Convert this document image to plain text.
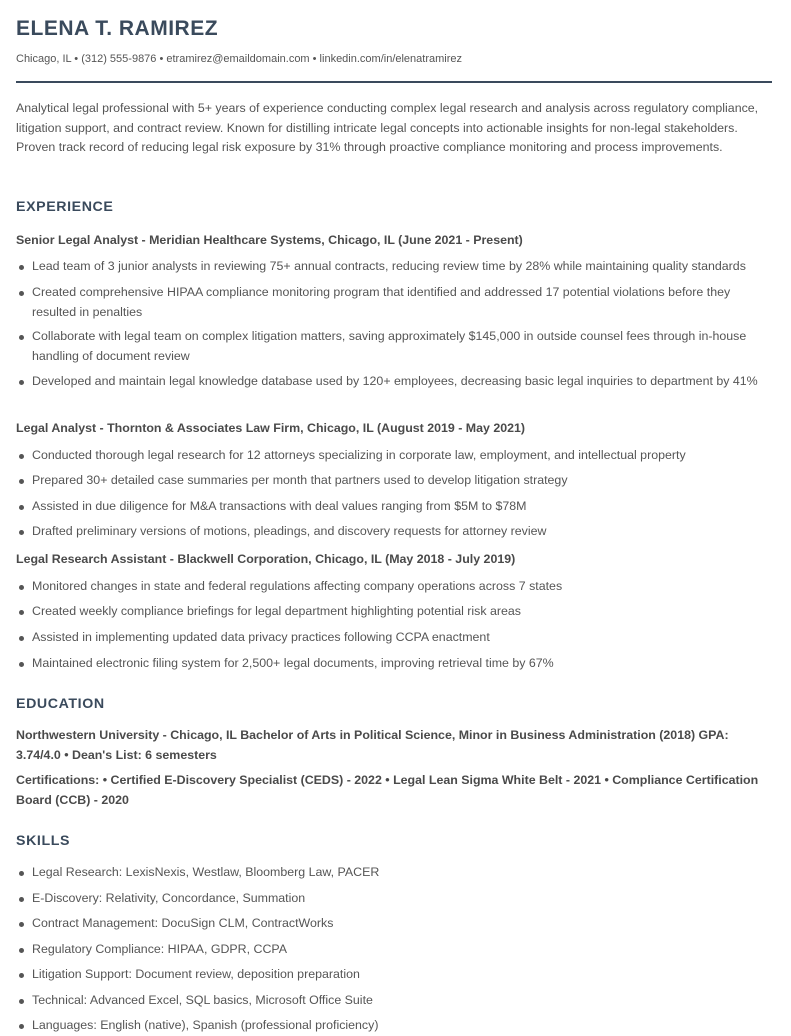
ELENA T. RAMIREZ
Chicago, IL • (312) 555-9876 • etramirez@emaildomain.com • linkedin.com/in/elenatramirez

Analytical legal professional with 5+ years of experience conducting complex legal research and analysis across regulatory compliance, litigation support, and contract review. Known for distilling intricate legal concepts into actionable insights for non-legal stakeholders. Proven track record of reducing legal risk exposure by 31% through proactive compliance monitoring and process improvements.

EXPERIENCE
Senior Legal Analyst - Meridian Healthcare Systems, Chicago, IL (June 2021 - Present)
Lead team of 3 junior analysts in reviewing 75+ annual contracts, reducing review time by 28% while maintaining quality standards
Created comprehensive HIPAA compliance monitoring program that identified and addressed 17 potential violations before they resulted in penalties
Collaborate with legal team on complex litigation matters, saving approximately $145,000 in outside counsel fees through in-house handling of document review
Developed and maintain legal knowledge database used by 120+ employees, decreasing basic legal inquiries to department by 41%
Legal Analyst - Thornton & Associates Law Firm, Chicago, IL (August 2019 - May 2021)
Conducted thorough legal research for 12 attorneys specializing in corporate law, employment, and intellectual property
Prepared 30+ detailed case summaries per month that partners used to develop litigation strategy
Assisted in due diligence for M&A transactions with deal values ranging from $5M to $78M
Drafted preliminary versions of motions, pleadings, and discovery requests for attorney review
Legal Research Assistant - Blackwell Corporation, Chicago, IL (May 2018 - July 2019)
Monitored changes in state and federal regulations affecting company operations across 7 states
Created weekly compliance briefings for legal department highlighting potential risk areas
Assisted in implementing updated data privacy practices following CCPA enactment
Maintained electronic filing system for 2,500+ legal documents, improving retrieval time by 67%
EDUCATION
Northwestern University - Chicago, IL Bachelor of Arts in Political Science, Minor in Business Administration (2018) GPA: 3.74/4.0 • Dean's List: 6 semesters
Certifications: • Certified E-Discovery Specialist (CEDS) - 2022 • Legal Lean Sigma White Belt - 2021 • Compliance Certification Board (CCB) - 2020
SKILLS
Legal Research: LexisNexis, Westlaw, Bloomberg Law, PACER
E-Discovery: Relativity, Concordance, Summation
Contract Management: DocuSign CLM, ContractWorks
Regulatory Compliance: HIPAA, GDPR, CCPA
Litigation Support: Document review, deposition preparation
Technical: Advanced Excel, SQL basics, Microsoft Office Suite
Languages: English (native), Spanish (professional proficiency)
